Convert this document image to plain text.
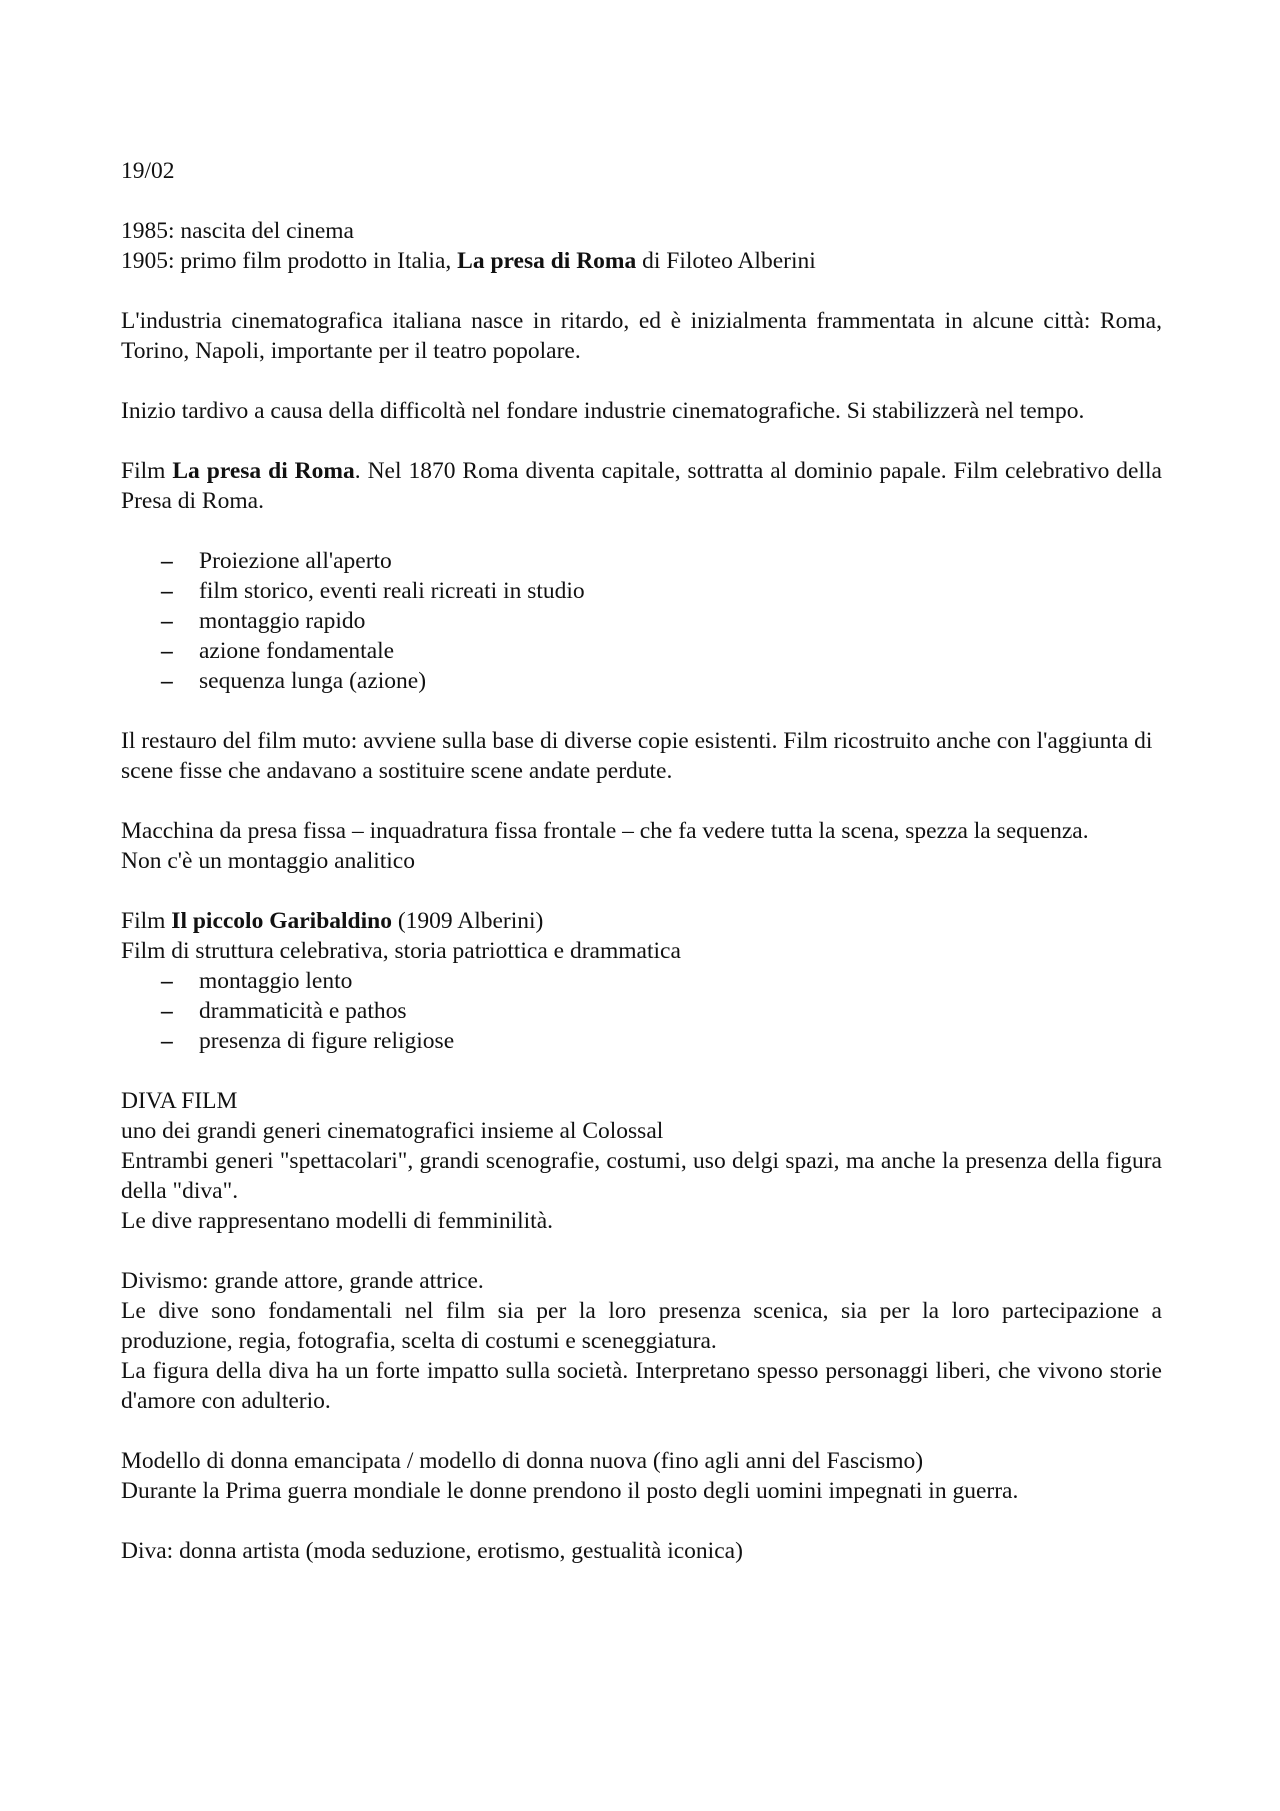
19/02

1985: nascita del cinema

1905: primo film prodotto in Italia, La presa di Roma di Filoteo Alberini

L'industria cinematografica italiana nasce in ritardo, ed è inizialmenta frammentata in alcune città: Roma, Torino, Napoli, importante per il teatro popolare.

Inizio tardivo a causa della difficoltà nel fondare industrie cinematografiche. Si stabilizzerà nel tempo.

Film La presa di Roma. Nel 1870 Roma diventa capitale, sottratta al dominio papale. Film celebrativo della Presa di Roma.

– Proiezione all'aperto
– film storico, eventi reali ricreati in studio
– montaggio rapido
– azione fondamentale
– sequenza lunga (azione)

Il restauro del film muto: avviene sulla base di diverse copie esistenti. Film ricostruito anche con l'aggiunta di scene fisse che andavano a sostituire scene andate perdute.

Macchina da presa fissa – inquadratura fissa frontale – che fa vedere tutta la scena, spezza la sequenza.

Non c'è un montaggio analitico

Film Il piccolo Garibaldino (1909 Alberini)

Film di struttura celebrativa, storia patriottica e drammatica

– montaggio lento
– drammaticità e pathos
– presenza di figure religiose

DIVA FILM

uno dei grandi generi cinematografici insieme al Colossal

Entrambi generi "spettacolari", grandi scenografie, costumi, uso delgi spazi, ma anche la presenza della figura della "diva".

Le dive rappresentano modelli di femminilità.

Divismo: grande attore, grande attrice.

Le dive sono fondamentali nel film sia per la loro presenza scenica, sia per la loro partecipazione a produzione, regia, fotografia, scelta di costumi e sceneggiatura.

La figura della diva ha un forte impatto sulla società. Interpretano spesso personaggi liberi, che vivono storie d'amore con adulterio.

Modello di donna emancipata / modello di donna nuova (fino agli anni del Fascismo)

Durante la Prima guerra mondiale le donne prendono il posto degli uomini impegnati in guerra.

Diva: donna artista (moda seduzione, erotismo, gestualità iconica)
